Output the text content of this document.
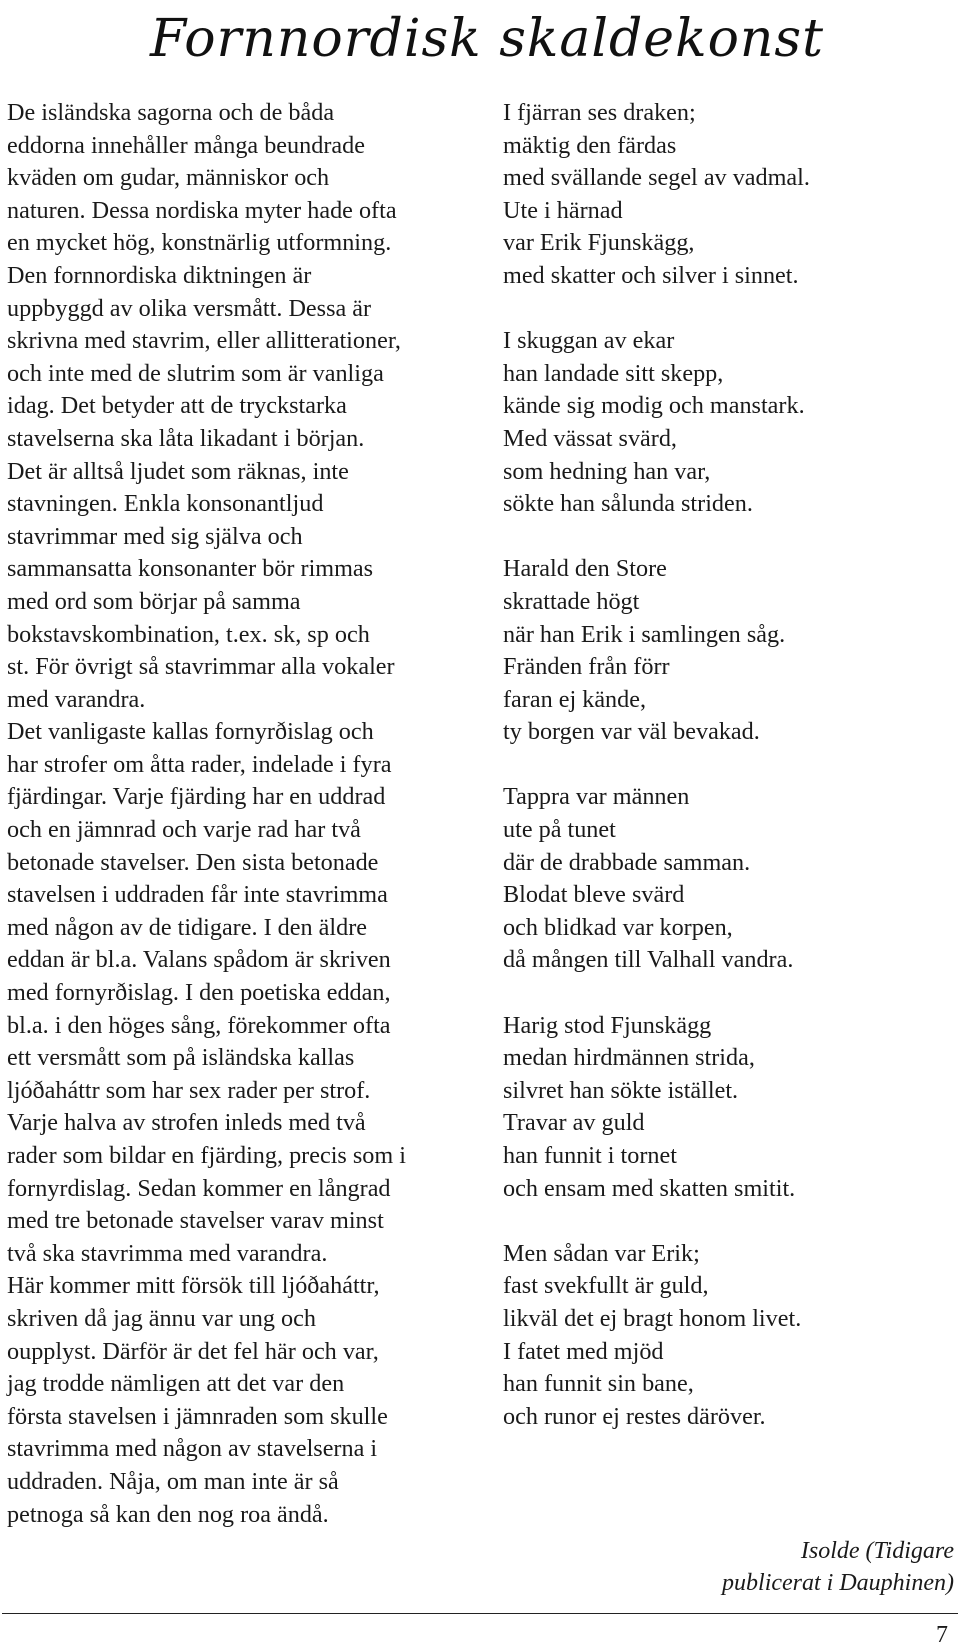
Fornnordisk skaldekonst
De isländska sagorna och de båda
eddorna innehåller många beundrade
kväden om gudar, människor och
naturen. Dessa nordiska myter hade ofta
en mycket hög, konstnärlig utformning.
Den fornnordiska diktningen är
uppbyggd av olika versmått. Dessa är
skrivna med stavrim, eller allitterationer,
och inte med de slutrim som är vanliga
idag. Det betyder att de tryckstarka
stavelserna ska låta likadant i början.
Det är alltså ljudet som räknas, inte
stavningen. Enkla konsonantljud
stavrimmar med sig själva och
sammansatta konsonanter bör rimmas
med ord som börjar på samma
bokstavskombination, t.ex. sk, sp och
st. För övrigt så stavrimmar alla vokaler
med varandra.
Det vanligaste kallas fornyrðislag och
har strofer om åtta rader, indelade i fyra
fjärdingar. Varje fjärding har en uddrad
och en jämnrad och varje rad har två
betonade stavelser. Den sista betonade
stavelsen i uddraden får inte stavrimma
med någon av de tidigare. I den äldre
eddan är bl.a. Valans spådom är skriven
med fornyrðislag. I den poetiska eddan,
bl.a. i den höges sång, förekommer ofta
ett versmått som på isländska kallas
ljóðaháttr som har sex rader per strof.
Varje halva av strofen inleds med två
rader som bildar en fjärding, precis som i
fornyrdislag. Sedan kommer en långrad
med tre betonade stavelser varav minst
två ska stavrimma med varandra.
Här kommer mitt försök till ljóðaháttr,
skriven då jag ännu var ung och
oupplyst. Därför är det fel här och var,
jag trodde nämligen att det var den
första stavelsen i jämnraden som skulle
stavrimma med någon av stavelserna i
uddraden. Nåja, om man inte är så
petnoga så kan den nog roa ändå.
I fjärran ses draken;
mäktig den färdas
med svällande segel av vadmal.
Ute i härnad
var Erik Fjunskägg,
med skatter och silver i sinnet.
I skuggan av ekar
han landade sitt skepp,
kände sig modig och manstark.
Med vässat svärd,
som hedning han var,
sökte han sålunda striden.
Harald den Store
skrattade högt
när han Erik i samlingen såg.
Fränden från förr
faran ej kände,
ty borgen var väl bevakad.
Tappra var männen
ute på tunet
där de drabbade samman.
Blodat bleve svärd
och blidkad var korpen,
då mången till Valhall vandra.
Harig stod Fjunskägg
medan hirdmännen strida,
silvret han sökte istället.
Travar av guld
han funnit i tornet
och ensam med skatten smitit.
Men sådan var Erik;
fast svekfullt är guld,
likväl det ej bragt honom livet.
I fatet med mjöd
han funnit sin bane,
och runor ej restes däröver.
Isolde (Tidigare
publicerat i Dauphinen)
7
